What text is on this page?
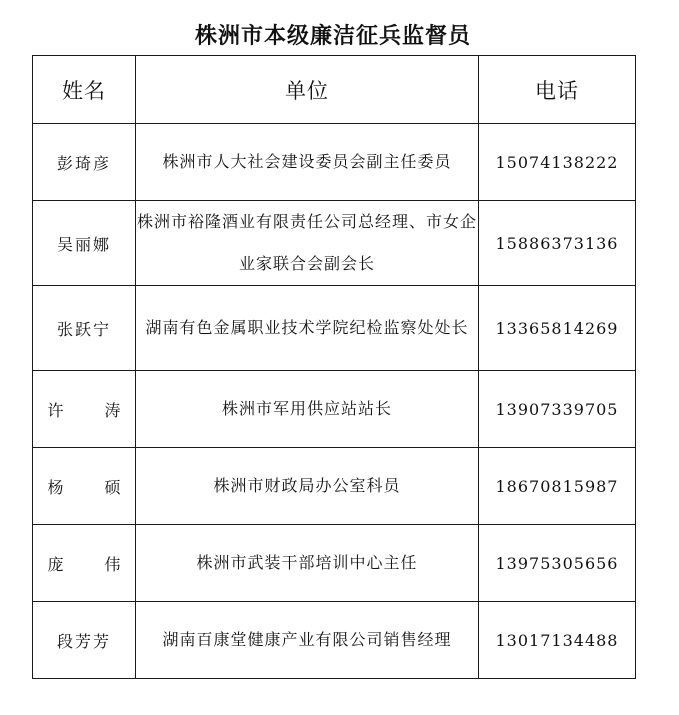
株洲市本级廉洁征兵监督员
姓名	单位	电话
彭琦彦	株洲市人大社会建设委员会副主任委员	15074138222
吴丽娜	株洲市裕隆酒业有限责任公司总经理、市女企业家联合会副会长	15886373136
张跃宁	湖南有色金属职业技术学院纪检监察处处长	13365814269
许 涛	株洲市军用供应站站长	13907339705
杨 硕	株洲市财政局办公室科员	18670815987
庞 伟	株洲市武装干部培训中心主任	13975305656
段芳芳	湖南百康堂健康产业有限公司销售经理	13017134488
